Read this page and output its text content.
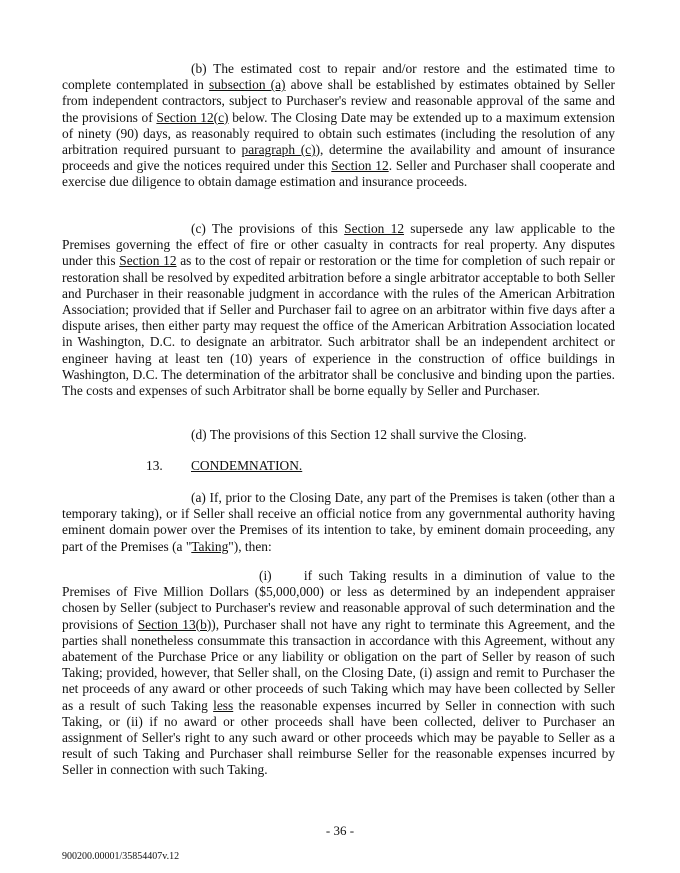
(b) The estimated cost to repair and/or restore and the estimated time to complete contemplated in subsection (a) above shall be established by estimates obtained by Seller from independent contractors, subject to Purchaser's review and reasonable approval of the same and the provisions of Section 12(c) below. The Closing Date may be extended up to a maximum extension of ninety (90) days, as reasonably required to obtain such estimates (including the resolution of any arbitration required pursuant to paragraph (c)), determine the availability and amount of insurance proceeds and give the notices required under this Section 12. Seller and Purchaser shall cooperate and exercise due diligence to obtain damage estimation and insurance proceeds.
(c) The provisions of this Section 12 supersede any law applicable to the Premises governing the effect of fire or other casualty in contracts for real property. Any disputes under this Section 12 as to the cost of repair or restoration or the time for completion of such repair or restoration shall be resolved by expedited arbitration before a single arbitrator acceptable to both Seller and Purchaser in their reasonable judgment in accordance with the rules of the American Arbitration Association; provided that if Seller and Purchaser fail to agree on an arbitrator within five days after a dispute arises, then either party may request the office of the American Arbitration Association located in Washington, D.C. to designate an arbitrator. Such arbitrator shall be an independent architect or engineer having at least ten (10) years of experience in the construction of office buildings in Washington, D.C. The determination of the arbitrator shall be conclusive and binding upon the parties. The costs and expenses of such Arbitrator shall be borne equally by Seller and Purchaser.
(d) The provisions of this Section 12 shall survive the Closing.
13. CONDEMNATION.
(a) If, prior to the Closing Date, any part of the Premises is taken (other than a temporary taking), or if Seller shall receive an official notice from any governmental authority having eminent domain power over the Premises of its intention to take, by eminent domain proceeding, any part of the Premises (a "Taking"), then:
(i)     if such Taking results in a diminution of value to the Premises of Five Million Dollars ($5,000,000) or less as determined by an independent appraiser chosen by Seller (subject to Purchaser's review and reasonable approval of such determination and the provisions of Section 13(b)), Purchaser shall not have any right to terminate this Agreement, and the parties shall nonetheless consummate this transaction in accordance with this Agreement, without any abatement of the Purchase Price or any liability or obligation on the part of Seller by reason of such Taking; provided, however, that Seller shall, on the Closing Date, (i) assign and remit to Purchaser the net proceeds of any award or other proceeds of such Taking which may have been collected by Seller as a result of such Taking less the reasonable expenses incurred by Seller in connection with such Taking, or (ii) if no award or other proceeds shall have been collected, deliver to Purchaser an assignment of Seller's right to any such award or other proceeds which may be payable to Seller as a result of such Taking and Purchaser shall reimburse Seller for the reasonable expenses incurred by Seller in connection with such Taking.
- 36 -
900200.00001/35854407v.12
